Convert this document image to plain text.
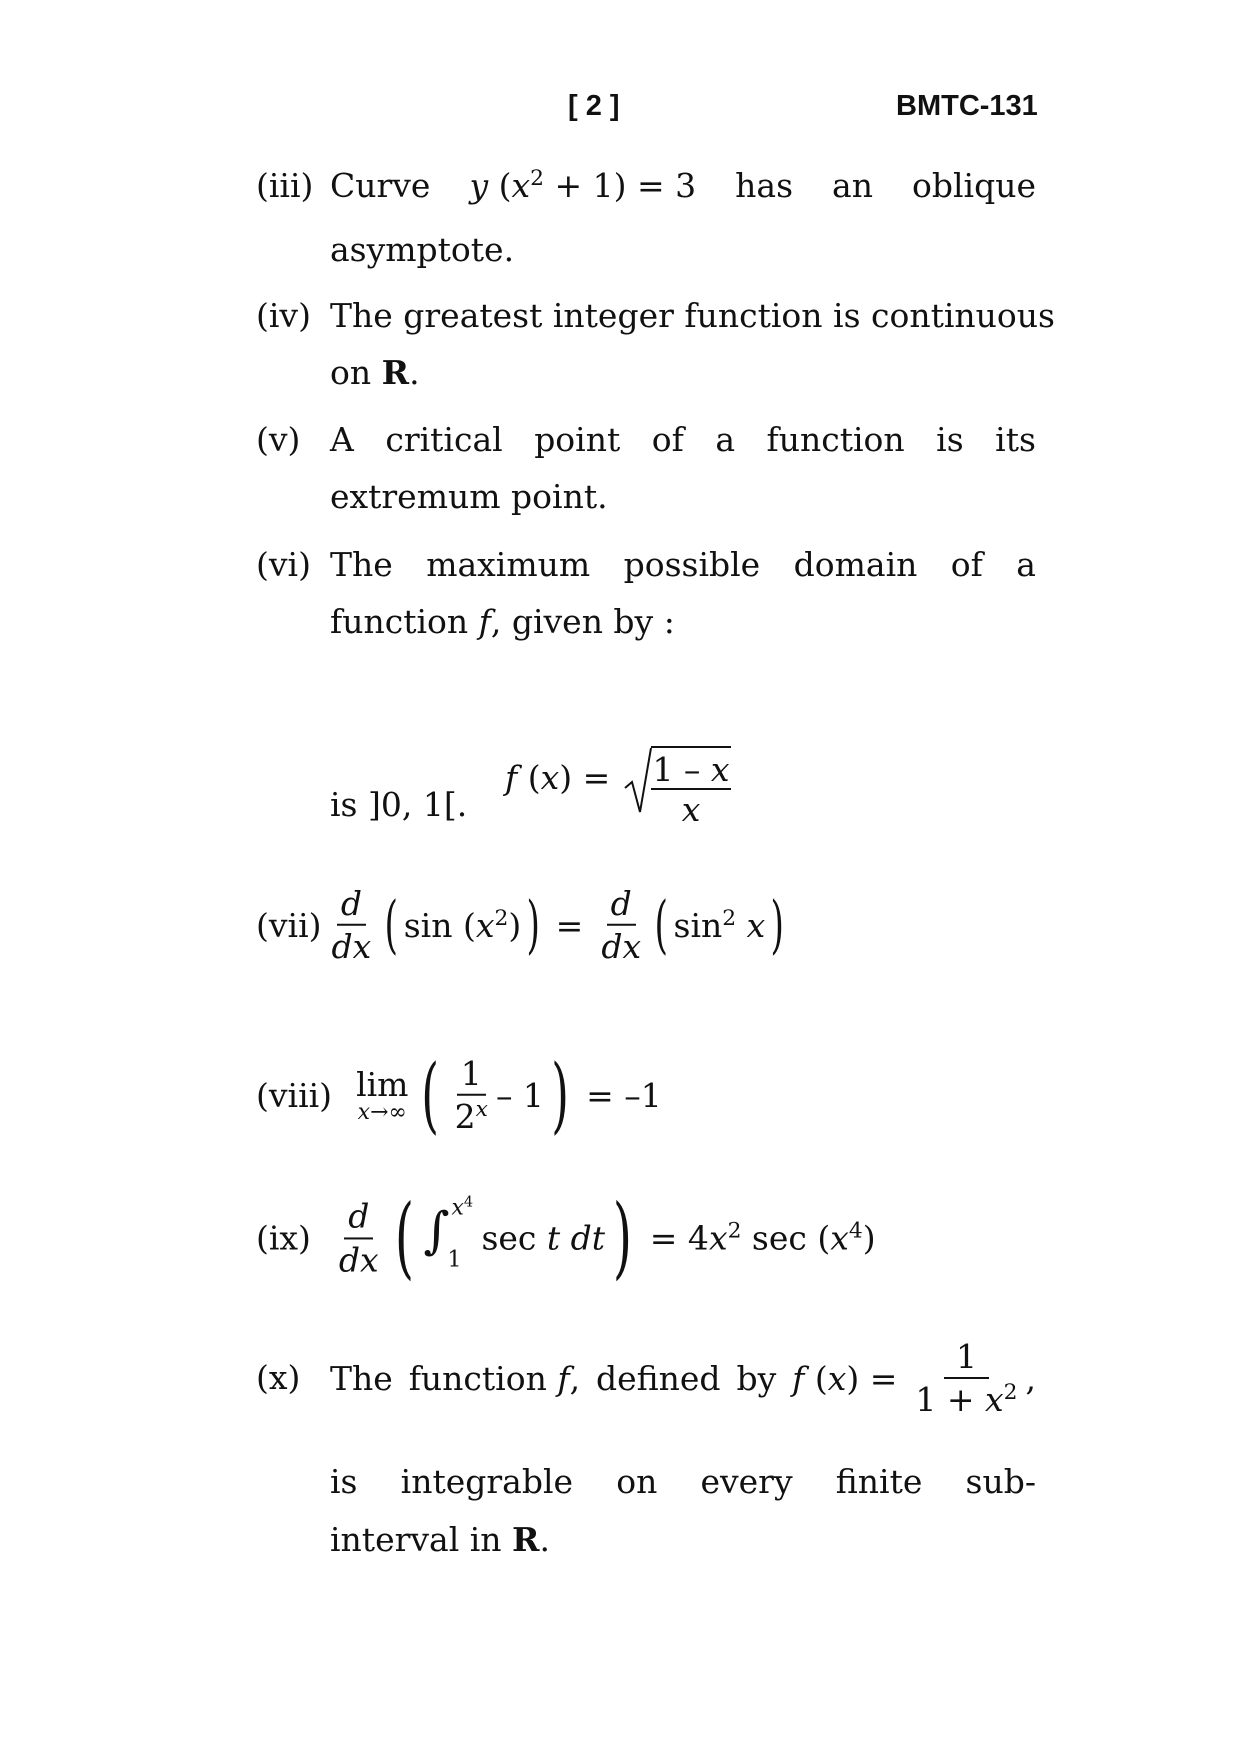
[ 2 ]	BMTC-131
(iii) Curve y $(x^2 + 1) = 3$ has an oblique
asymptote.
(iv) The greatest integer function is continuous
on R.
(v) A critical point of a function is its
extremum point.
(vi) The maximum possible domain of a
function f, given by :
is ]0, 1[.
f (x) = 1 – x
x
$(vii) \frac{d}{dx}$ ( $\sin (x^2)$ ) = $\frac{d}{dx}$ ( $\sin^2 x$ )
(viii) lim
x→∞ ( $\frac{1}{2^x} - 1$ ) = –1
$(ix) \frac{d}{dx}$ ( ∫ $x^4$
1
sec t dt ) = $4x^2$ $\sec (x^4)$
(x) The function f, defined by f ( x ) = $\frac{1}{1 + x^2}$ ,
is integrable on every finite sub-
interval in R.
